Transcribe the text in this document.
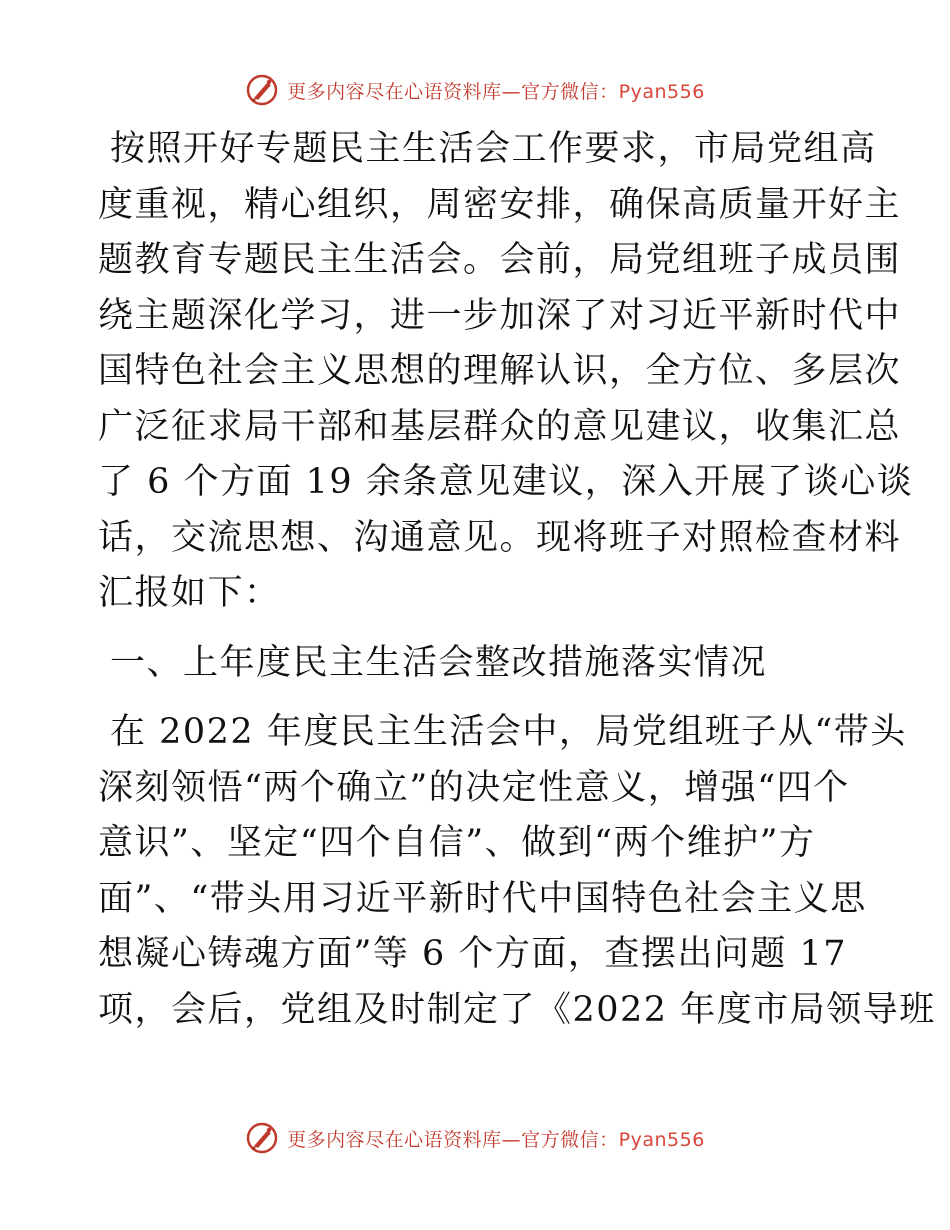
更多内容尽在心语资料库—官方微信：Pyan556
按照开好专题民主生活会工作要求，市局党组高
度重视，精心组织，周密安排，确保高质量开好主
题教育专题民主生活会。会前，局党组班子成员围
绕主题深化学习，进一步加深了对习近平新时代中
国特色社会主义思想的理解认识，全方位、多层次
广泛征求局干部和基层群众的意见建议，收集汇总
了 6 个方面 19 余条意见建议，深入开展了谈心谈
话，交流思想、沟通意见。现将班子对照检查材料
汇报如下：
一、上年度民主生活会整改措施落实情况
在 2022 年度民主生活会中，局党组班子从“带头
深刻领悟“两个确立”的决定性意义，增强“四个
意识”、坚定“四个自信”、做到“两个维护”方
面”、“带头用习近平新时代中国特色社会主义思
想凝心铸魂方面”等 6 个方面，查摆出问题 17
项，会后，党组及时制定了《2022 年度市局领导班
更多内容尽在心语资料库—官方微信：Pyan556
